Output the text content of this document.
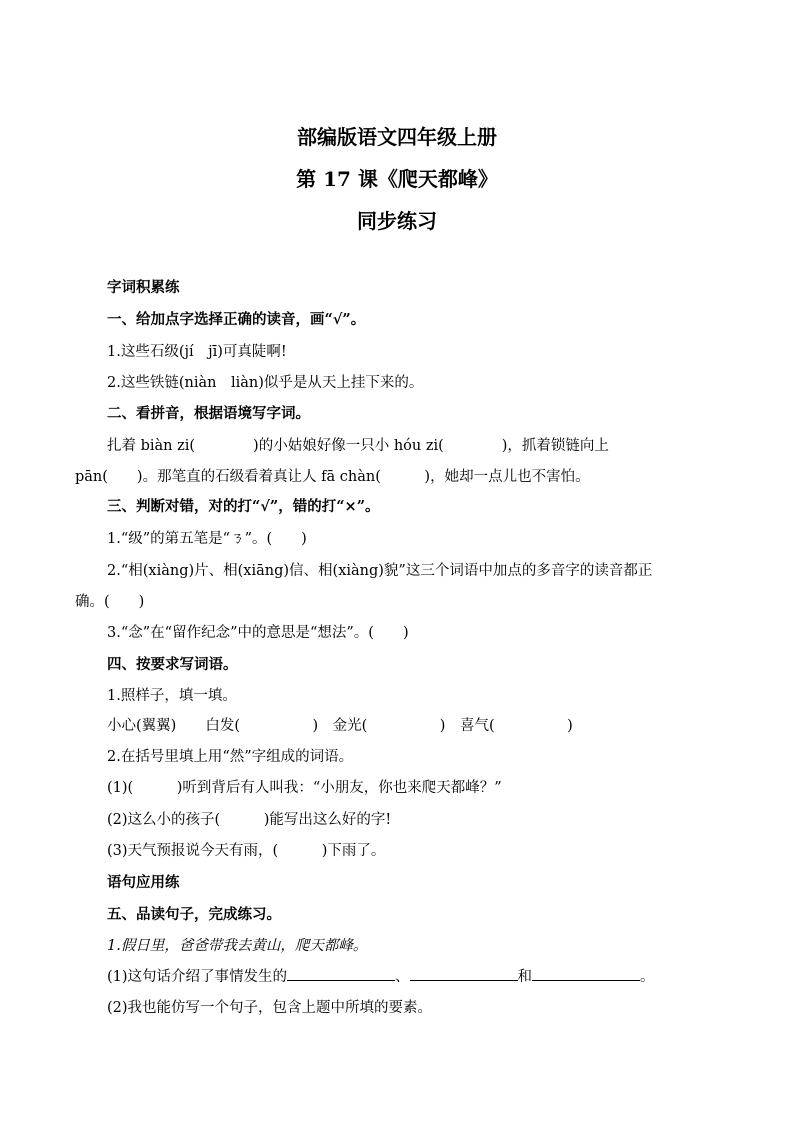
部编版语文四年级上册
第 17 课《爬天都峰》
同步练习
字词积累练
一、给加点字选择正确的读音，画“√”。
1.这些石级(jí　jī)可真陡啊!
2.这些铁链(niàn　liàn)似乎是从天上挂下来的。
二、看拼音，根据语境写字词。
扎着 biàn zi(　　　　)的小姑娘好像一只小 hóu zi(　　　　)，抓着锁链向上
pān(　　)。那笔直的石级看着真让人 fā chàn(　　　)，她却一点儿也不害怕。
三、判断对错，对的打“√”，错的打“×”。
1.“级”的第五笔是“ㄋ”。(　　)
2.“相(xiàng)片、相(xiāng)信、相(xiàng)貌”这三个词语中加点的多音字的读音都正
确。(　　)
3.“念”在“留作纪念”中的意思是“想法”。(　　)
四、按要求写词语。
1.照样子，填一填。
小心(翼翼)　　白发(　　　　　)　金光(　　　　　)　喜气(　　　　　)
2.在括号里填上用“然”字组成的词语。
(1)(　　　)听到背后有人叫我：“小朋友，你也来爬天都峰？”
(2)这么小的孩子(　　　)能写出这么好的字!
(3)天气预报说今天有雨，(　　　)下雨了。
语句应用练
五、品读句子，完成练习。
1.假日里，爸爸带我去黄山，爬天都峰。
(1)这句话介绍了事情发生的	、	和	。
(2)我也能仿写一个句子，包含上题中所填的要素。
